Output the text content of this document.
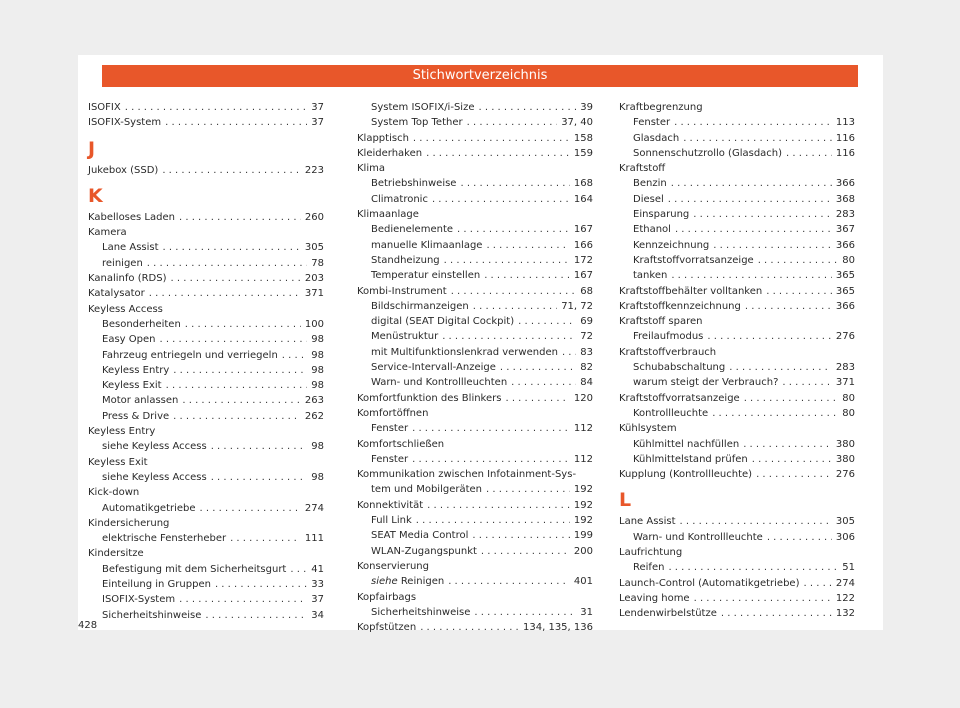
Stichwortverzeichnis
ISOFIX . . .	37
ISOFIX-System . . .	37
J
Jukebox (SSD) . . .	223
K
Kabelloses Laden . . .	260
Kamera
Lane Assist . . .	305
reinigen . . .	78
Kanalinfo (RDS) . . .	203
Katalysator . . .	371
Keyless Access
Besonderheiten . . .	100
Easy Open . . .	98
Fahrzeug entriegeln und verriegeln . . .	98
Keyless Entry . . .	98
Keyless Exit . . .	98
Motor anlassen . . .	263
Press & Drive . . .	262
Keyless Entry
siehe Keyless Access . . .	98
Keyless Exit
siehe Keyless Access . . .	98
Kick-down
Automatikgetriebe . . .	274
Kindersicherung
elektrische Fensterheber . . .	111
Kindersitze
Befestigung mit dem Sicherheitsgurt . . . 41
Einteilung in Gruppen . . .	33
ISOFIX-System . . .	37
Sicherheitshinweise . . .	34
System ISOFIX/i-Size . . .	39
System Top Tether . . .	37, 40
Klapptisch . . .	158
Kleiderhaken . . .	159
Klima
Betriebshinweise . . .	168
Climatronic . . .	164
Klimaanlage
Bedienelemente . . .	167
manuelle Klimaanlage . . .	166
Standheizung . . .	172
Temperatur einstellen . . .	167
Kombi-Instrument . . .	68
Bildschirmanzeigen . . .	71, 72
digital (SEAT Digital Cockpit) . . .	69
Menüstruktur . . .	72
mit Multifunktionslenkrad verwenden . . . 83
Service-Intervall-Anzeige . . .	82
Warn- und Kontrollleuchten . . .	84
Komfortfunktion des Blinkers . . .	120
Komfortöffnen
Fenster . . .	112
Komfortschließen
Fenster . . .	112
Kommunikation zwischen Infotainment-Sys-
tem und Mobilgeräten . . .	192
Konnektivität . . .	192
Full Link . . .	192
SEAT Media Control . . .	199
WLAN-Zugangspunkt . . .	200
Konservierung
siehe Reinigen . . .	401
Kopfairbags
Sicherheitshinweise . . .	31
Kopfstützen . . .	134, 135, 136
Kraftbegrenzung
Fenster . . .	113
Glasdach . . .	116
Sonnenschutzrollo (Glasdach) . . .	116
Kraftstoff
Benzin . . .	366
Diesel . . .	368
Einsparung . . .	283
Ethanol . . .	367
Kennzeichnung . . .	366
Kraftstoffvorratsanzeige . . .	80
tanken . . .	365
Kraftstoffbehälter volltanken . . .	365
Kraftstoffkennzeichnung . . .	366
Kraftstoff sparen
Freilaufmodus . . .	276
Kraftstoffverbrauch
Schubabschaltung . . .	283
warum steigt der Verbrauch? . . .	371
Kraftstoffvorratsanzeige . . .	80
Kontrollleuchte . . .	80
Kühlsystem
Kühlmittel nachfüllen . . .	380
Kühlmittelstand prüfen . . .	380
Kupplung (Kontrollleuchte) . . .	276
L
Lane Assist . . .	305
Warn- und Kontrollleuchte . . .	306
Laufrichtung
Reifen . . .	51
Launch-Control (Automatikgetriebe) . . .	274
Leaving home . . .	122
Lendenwirbelstütze . . .	132
428
